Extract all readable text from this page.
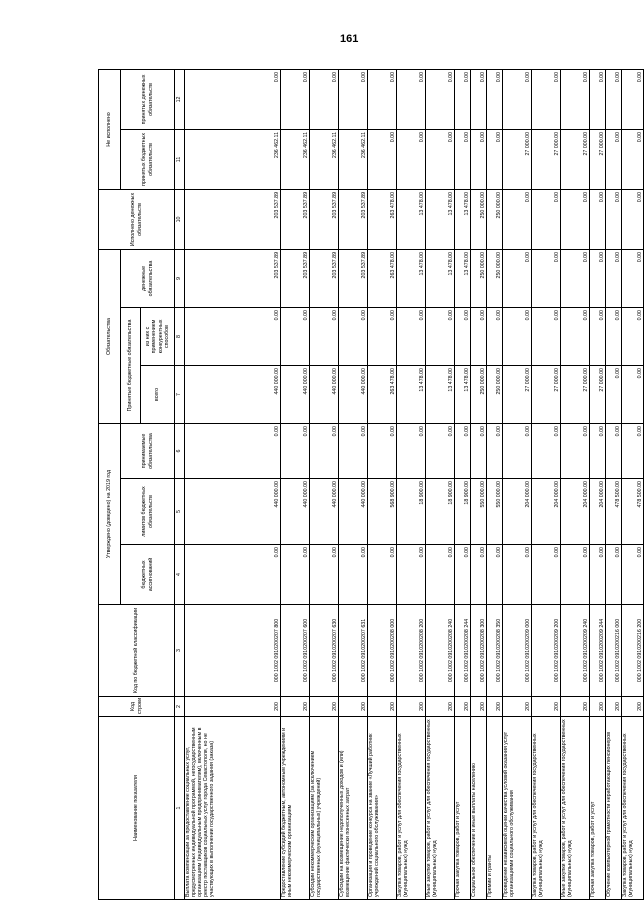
161
Наименование показателя	Код строки	Код по бюджетной классификации	Утверждено (доведено) на 2019 год			Обязательства			Исполнено денежных обязательств	Не исполнено	
			бюджетных ассигнований	лимитов бюджетных обязательств	принимаемые обязательства	Принятые бюджетные обязательства		денежные обязательства		принятых бюджетных обязательств	принятых денежных обязательств
						всего	из них с применением конкурентных способов				
1	2	3	4	5	6	7	8	9	10	11	12
Выплата компенсации за предоставление социальных услуг, предусмотренных индивидуальной программой, негосударственным организациям (индивидуальным предпринимателям), включенным в реестр поставщиков социальных услуг города Севастополя, но не участвующих в выполнении государственного задания (заказа)	200	000 1002 0910200207 800	0.00	440 000.00	0.00	440 000.00	0.00	203 537.89	203 537.89	236 462.11	0.00
Предоставление субсидий бюджетным, автономным учреждениям и иным некоммерческим организациям	200	000 1002 0910200207 600	0.00	440 000.00	0.00	440 000.00	0.00	203 537.89	203 537.89	236 462.11	0.00
Субсидии некоммерческим организациям (за исключением государственных (муниципальных) учреждений)	200	000 1002 0910200207 630	0.00	440 000.00	0.00	440 000.00	0.00	203 537.89	203 537.89	236 462.11	0.00
Субсидии на возмещение недополученных доходов и (или) возмещение фактически понесенных затрат	200	000 1002 0910200207 631	0.00	440 000.00	0.00	440 000.00	0.00	203 537.89	203 537.89	236 462.11	0.00
Организация и проведение конкурса на звание «Лучший работник учреждений социального обслуживания»	200	000 1002 0910200208 000	0.00	568 900.00	0.00	263 478.00	0.00	263 478.00	263 478.00	0.00	0.00
Закупка товаров, работ и услуг для обеспечения государственных (муниципальных) нужд	200	000 1002 0910200208 200	0.00	18 900.00	0.00	13 478.00	0.00	13 478.00	13 478.00	0.00	0.00
Иные закупки товаров, работ и услуг для обеспечения государственных (муниципальных) нужд	200	000 1002 0910200208 240	0.00	18 900.00	0.00	13 478.00	0.00	13 478.00	13 478.00	0.00	0.00
Прочая закупка товаров, работ и услуг	200	000 1002 0910200208 244	0.00	18 900.00	0.00	13 478.00	0.00	13 478.00	13 478.00	0.00	0.00
Социальное обеспечение и иные выплаты населению	200	000 1002 0910200208 300	0.00	550 000.00	0.00	250 000.00	0.00	250 000.00	250 000.00	0.00	0.00
Премии и гранты	200	000 1002 0910200208 350	0.00	550 000.00	0.00	250 000.00	0.00	250 000.00	250 000.00	0.00	0.00
Проведение независимой оценки качества условий оказания услуг организациями социального обслуживания	200	000 1002 0910200209 000	0.00	204 000.00	0.00	27 000.00	0.00	0.00	0.00	27 000.00	0.00
Закупка товаров, работ и услуг для обеспечения государственных (муниципальных) нужд	200	000 1002 0910200209 200	0.00	204 000.00	0.00	27 000.00	0.00	0.00	0.00	27 000.00	0.00
Иные закупки товаров, работ и услуг для обеспечения государственных (муниципальных) нужд	200	000 1002 0910200209 240	0.00	204 000.00	0.00	27 000.00	0.00	0.00	0.00	27 000.00	0.00
Прочая закупка товаров, работ и услуг	200	000 1002 0910200209 244	0.00	204 000.00	0.00	27 000.00	0.00	0.00	0.00	27 000.00	0.00
Обучение компьютерной грамотности неработающих пенсионеров	200	000 1002 0910200216 000	0.00	478 500.00	0.00	0.00	0.00	0.00	0.00	0.00	0.00
Закупка товаров, работ и услуг для обеспечения государственных (муниципальных) нужд	200	000 1002 0910200216 200	0.00	478 500.00	0.00	0.00	0.00	0.00	0.00	0.00	0.00
